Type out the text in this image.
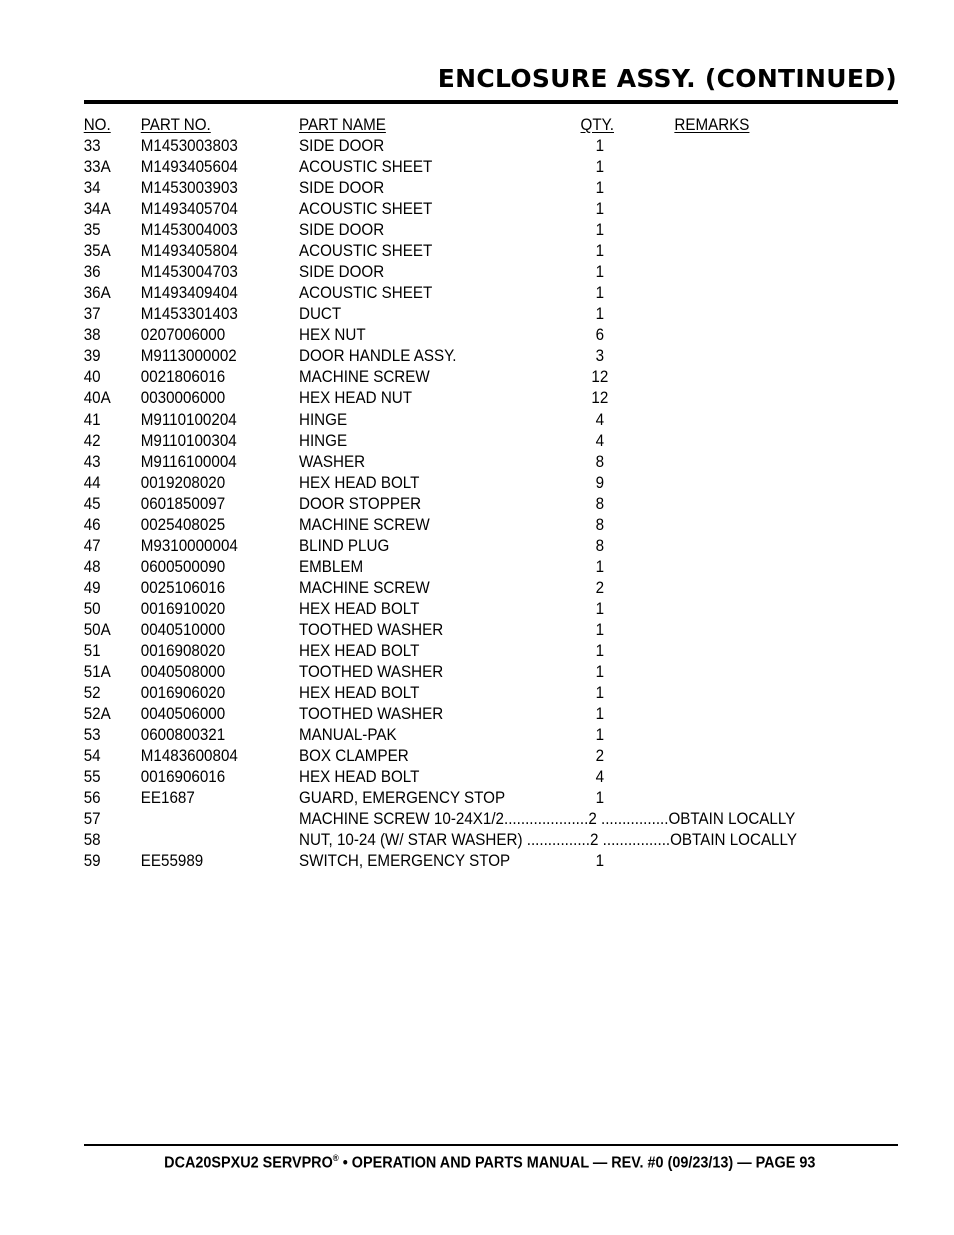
ENCLOSURE ASSY. (CONTINUED)
NO. PART NO.	PART NAME	QTY.	REMARKS
33 M1453003803	SIDE DOOR	1
33A M1493405604	ACOUSTIC SHEET	1
34 M1453003903	SIDE DOOR	1
34A M1493405704	ACOUSTIC SHEET	1
35 M1453004003	SIDE DOOR	1
35A M1493405804	ACOUSTIC SHEET	1
36 M1453004703	SIDE DOOR	1
36A M1493409404	ACOUSTIC SHEET	1
37 M1453301403	DUCT	1
38 0207006000	HEX NUT	6
39 M9113000002	DOOR HANDLE ASSY.	3
40 0021806016	MACHINE SCREW	12
40A 0030006000	HEX HEAD NUT	12
41 M9110100204	HINGE	4
42 M9110100304	HINGE	4
43 M9116100004	WASHER	8
44 0019208020	HEX HEAD BOLT	9
45 0601850097	DOOR STOPPER	8
46 0025408025	MACHINE SCREW	8
47 M9310000004	BLIND PLUG	8
48 0600500090	EMBLEM	1
49 0025106016	MACHINE SCREW	2
50 0016910020	HEX HEAD BOLT	1
50A 0040510000	TOOTHED WASHER	1
51 0016908020	HEX HEAD BOLT	1
51A 0040508000	TOOTHED WASHER	1
52 0016906020	HEX HEAD BOLT	1
52A 0040506000	TOOTHED WASHER	1
53 0600800321	MANUAL-PAK	1
54 M1483600804	BOX CLAMPER	2
55 0016906016	HEX HEAD BOLT	4
56 EE1687	GUARD, EMERGENCY STOP	1
57	MACHINE SCREW 10-24X1/2....................2 ................OBTAIN LOCALLY
58	NUT, 10-24 (W/ STAR WASHER) ...............2 ................OBTAIN LOCALLY
59 EE55989	SWITCH, EMERGENCY STOP	1
DCA20SPXU2 SERVPRO® • OPERATION AND PARTS MANUAL — REV. #0 (09/23/13) — PAGE 93
